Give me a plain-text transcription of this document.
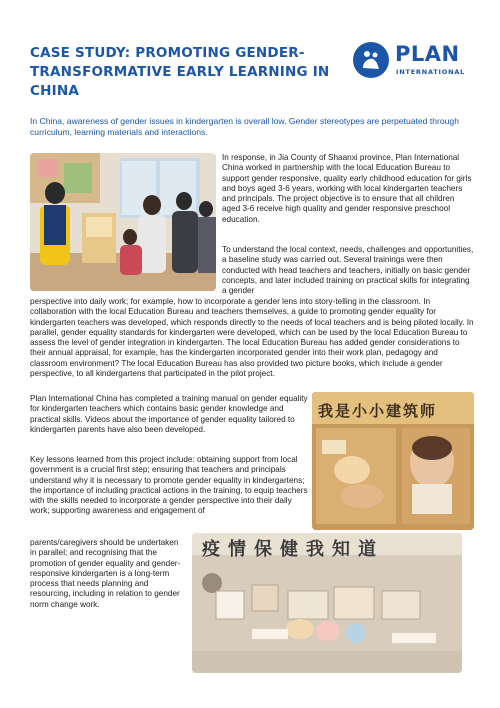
CASE STUDY: PROMOTING GENDER-TRANSFORMATIVE EARLY LEARNING IN CHINA
PLAN
INTERNATIONAL
In China, awareness of gender issues in kindergarten is overall low. Gender stereotypes are perpetuated through curriculum, learning materials and interactions.

In response, in Jia County of Shaanxi province, Plan International China worked in partnership with the local Education Bureau to support gender responsive, quality early childhood education for girls and boys aged 3-6 years, working with local kindergarten teachers and principals. The project objective is to ensure that all children aged 3-6 receive high quality and gender responsive preschool education.

To understand the local context, needs, challenges and opportunities, a baseline study was carried out. Several trainings were then conducted with head teachers and teachers, initially on basic gender concepts, and later included training on practical skills for integrating a gender

perspective into daily work; for example, how to incorporate a gender lens into story-telling in the classroom. In collaboration with the local Education Bureau and teachers themselves, a guide to promoting gender equality for kindergarten teachers was developed, which responds directly to the needs of local teachers and is being piloted locally. In parallel, gender equality standards for kindergarten were developed, which can be used by the local Education Bureau to assess the level of gender integration in kindergarten. The local Education Bureau has added gender considerations to their annual appraisal, for example, has the kindergarten incorporated gender into their work plan, pedagogy and classroom environment? The local Education Bureau has also provided two picture books, which include a gender perspective, to all kindergartens that participated in the pilot project.

Plan International China has completed a training manual on gender equality for kindergarten teachers which contains basic gender knowledge and practical skills. Videos about the importance of gender equality tailored to kindergarten parents have also been developed.

Key lessons learned from this project include: obtaining support from local government is a crucial first step; ensuring that teachers and principals understand why it is necessary to promote gender equality in kindergartens; the importance of including practical actions in the training, to equip teachers with the skills needed to incorporate a gender perspective into their daily work; supporting awareness and engagement of

parents/caregivers should be undertaken in parallel; and recognising that the promotion of gender equality and gender-responsive kindergarten is a long-term process that needs planning and resourcing, including in relation to gender norm change work.

我是小小建筑师
疫情保健我知道
